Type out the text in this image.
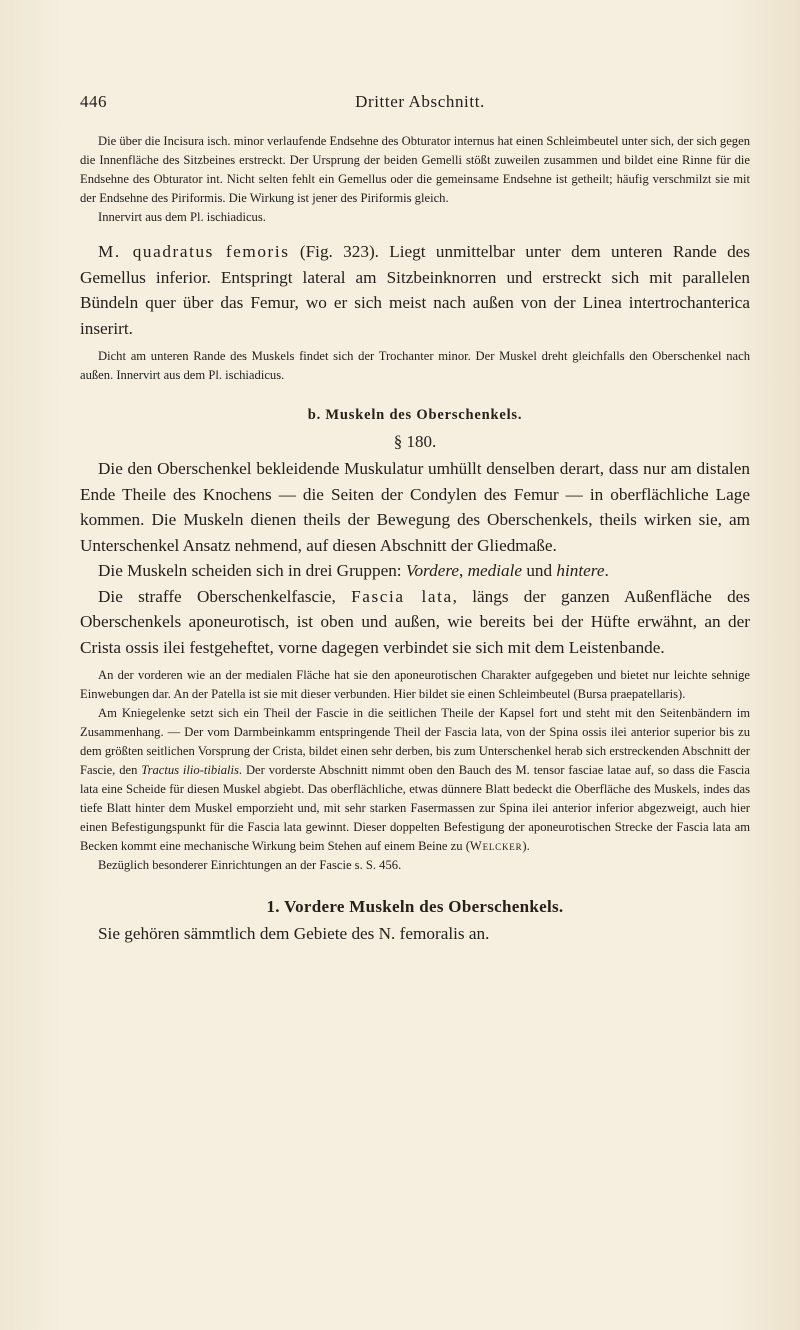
446	Dritter Abschnitt.

Die über die Incisura isch. minor verlaufende Endsehne des Obturator internus hat einen Schleimbeutel unter sich, der sich gegen die Innenfläche des Sitzbeines erstreckt. Der Ursprung der beiden Gemelli stößt zuweilen zusammen und bildet eine Rinne für die Endsehne des Obturator int. Nicht selten fehlt ein Gemellus oder die gemeinsame Endsehne ist getheilt; häufig verschmilzt sie mit der Endsehne des Piriformis. Die Wirkung ist jener des Piriformis gleich.

Innervirt aus dem Pl. ischiadicus.

M. quadratus femoris (Fig. 323). Liegt unmittelbar unter dem unteren Rande des Gemellus inferior. Entspringt lateral am Sitzbeinknorren und erstreckt sich mit parallelen Bündeln quer über das Femur, wo er sich meist nach außen von der Linea intertrochanterica inserirt.

Dicht am unteren Rande des Muskels findet sich der Trochanter minor. Der Muskel dreht gleichfalls den Oberschenkel nach außen. Innervirt aus dem Pl. ischiadicus.

b. Muskeln des Oberschenkels.

§ 180.

Die den Oberschenkel bekleidende Muskulatur umhüllt denselben derart, dass nur am distalen Ende Theile des Knochens — die Seiten der Condylen des Femur — in oberflächliche Lage kommen. Die Muskeln dienen theils der Bewegung des Oberschenkels, theils wirken sie, am Unterschenkel Ansatz nehmend, auf diesen Abschnitt der Gliedmaße.

Die Muskeln scheiden sich in drei Gruppen: Vordere, mediale und hintere.

Die straffe Oberschenkelfascie, Fascia lata, längs der ganzen Außenfläche des Oberschenkels aponeurotisch, ist oben und außen, wie bereits bei der Hüfte erwähnt, an der Crista ossis ilei festgeheftet, vorne dagegen verbindet sie sich mit dem Leistenbande.

An der vorderen wie an der medialen Fläche hat sie den aponeurotischen Charakter aufgegeben und bietet nur leichte sehnige Einwebungen dar. An der Patella ist sie mit dieser verbunden. Hier bildet sie einen Schleimbeutel (Bursa praepatellaris).

Am Kniegelenke setzt sich ein Theil der Fascie in die seitlichen Theile der Kapsel fort und steht mit den Seitenbändern im Zusammenhang. — Der vom Darmbeinkamm entspringende Theil der Fascia lata, von der Spina ossis ilei anterior superior bis zu dem größten seitlichen Vorsprung der Crista, bildet einen sehr derben, bis zum Unterschenkel herab sich erstreckenden Abschnitt der Fascie, den Tractus ilio-tibialis. Der vorderste Abschnitt nimmt oben den Bauch des M. tensor fasciae latae auf, so dass die Fascia lata eine Scheide für diesen Muskel abgiebt. Das oberflächliche, etwas dünnere Blatt bedeckt die Oberfläche des Muskels, indes das tiefe Blatt hinter dem Muskel emporzieht und, mit sehr starken Fasermassen zur Spina ilei anterior inferior abgezweigt, auch hier einen Befestigungspunkt für die Fascia lata gewinnt. Dieser doppelten Befestigung der aponeurotischen Strecke der Fascia lata am Becken kommt eine mechanische Wirkung beim Stehen auf einem Beine zu (Welcker).

Bezüglich besonderer Einrichtungen an der Fascie s. S. 456.

1. Vordere Muskeln des Oberschenkels.

Sie gehören sämmtlich dem Gebiete des N. femoralis an.
